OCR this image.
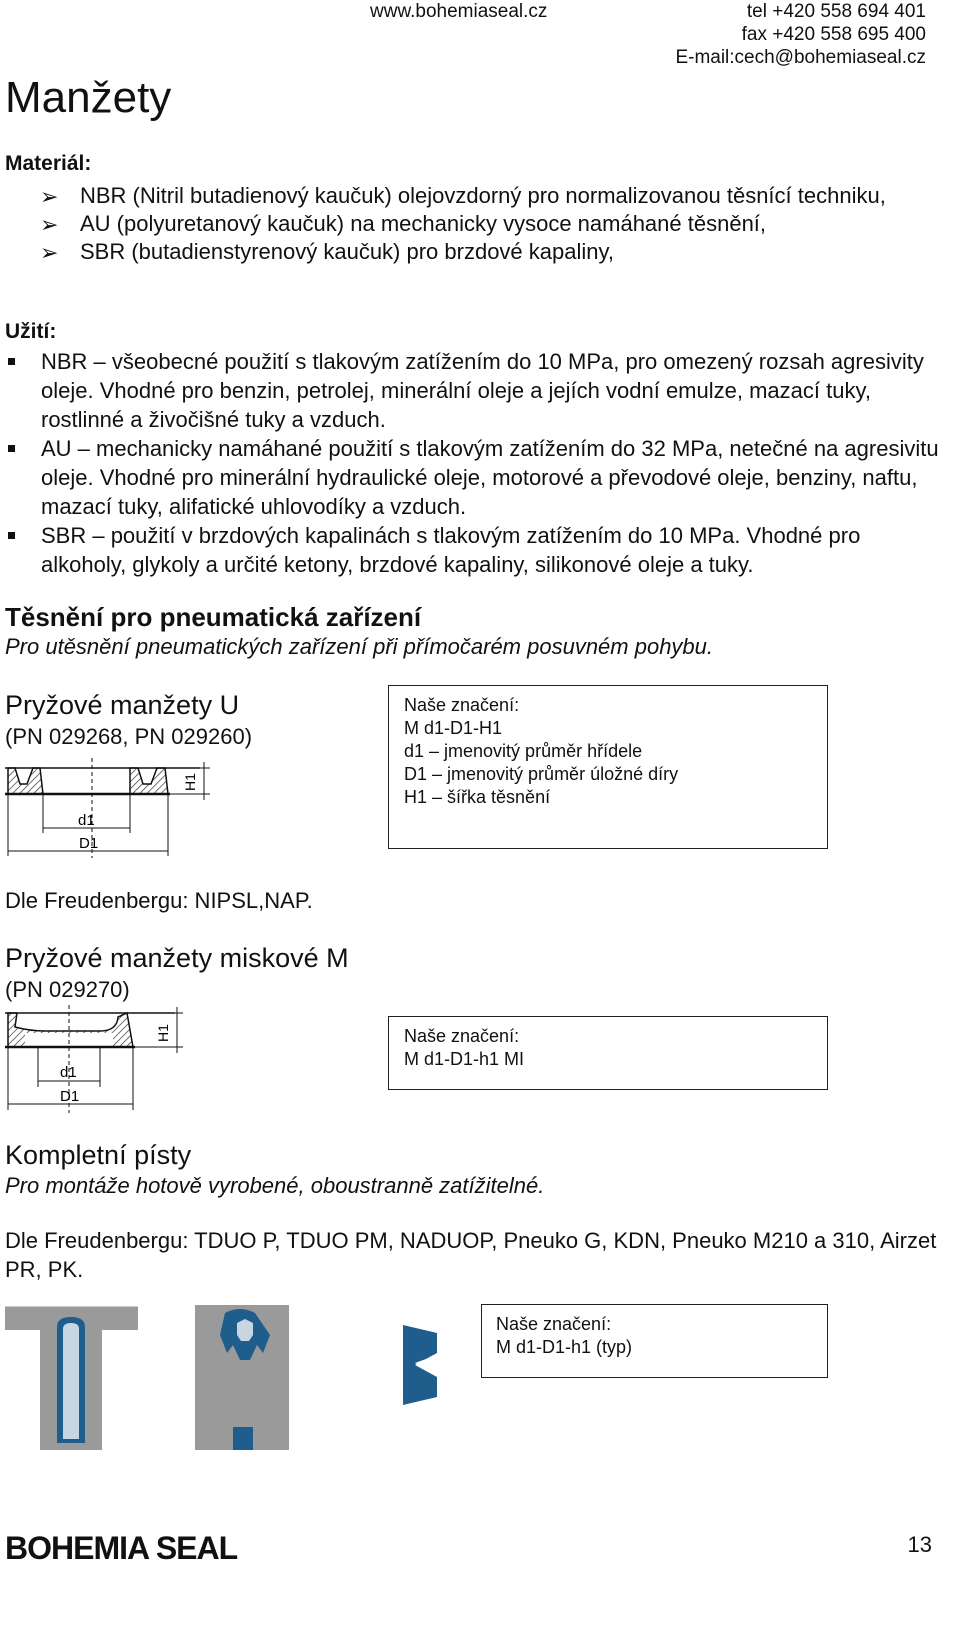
www.bohemiaseal.cz	tel +420 558 694 401
fax +420 558 695 400
E-mail:cech@bohemiaseal.cz
Manžety
Materiál:
➢ NBR (Nitril butadienový kaučuk) olejovzdorný pro normalizovanou těsnící techniku,
➢ AU (polyuretanový kaučuk) na mechanicky vysoce namáhané těsnění,
➢ SBR (butadienstyrenový kaučuk) pro brzdové kapaliny,
Užití:
NBR – všeobecné použití s tlakovým zatížením do 10 MPa, pro omezený rozsah agresivity oleje. Vhodné pro benzin, petrolej, minerální oleje a jejích vodní emulze, mazací tuky, rostlinné a živočišné tuky a vzduch.
AU – mechanicky namáhané použití s tlakovým zatížením do 32 MPa, netečné na agresivitu oleje. Vhodné pro minerální hydraulické oleje, motorové a převodové oleje, benziny, naftu, mazací tuky, alifatické uhlovodíky a vzduch.
SBR – použití v brzdových kapalinách s tlakovým zatížením do 10 MPa. Vhodné pro alkoholy, glykoly a určité ketony, brzdové kapaliny, silikonové oleje a tuky.
Těsnění pro pneumatická zařízení
Pro utěsnění pneumatických zařízení při přímočarém posuvném pohybu.
Pryžové manžety U
(PN 029268, PN 029260)
d1
D1
H1
Naše značení:
M d1-D1-H1
d1 – jmenovitý průměr hřídele
D1 – jmenovitý průměr úložné díry
H1 – šířka těsnění
Dle Freudenbergu: NIPSL,NAP.
Pryžové manžety miskové M
(PN 029270)
d1
D1
H1	Naše značení:
M d1-D1-h1 MI
Kompletní písty
Pro montáže hotově vyrobené, oboustranně zatížitelné.
Dle Freudenbergu: TDUO P, TDUO PM, NADUOP, Pneuko G, KDN, Pneuko M210 a 310, Airzet PR, PK.
Naše značení:
M d1-D1-h1 (typ)
BOHEMIA SEAL	13
